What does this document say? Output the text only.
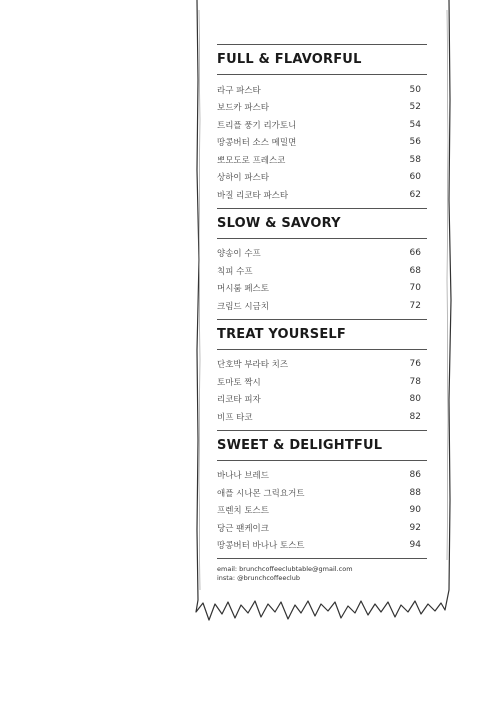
FULL & FLAVORFUL
라구 파스타	50
보드카 파스타	52
트리플 풍기 리가토니	54
땅콩버터 소스 메밀면	56
뽀모도로 프레스코	58
상하이 파스타	60
바질 리코타 파스타	62
SLOW & SAVORY
양송이 수프	66
칙피 수프	68
머시룸 페스토	70
크림드 시금치	72
TREAT YOURSELF
단호박 부라타 치즈	76
토마토 짝시	78
리코타 피자	80
비프 타코	82
SWEET & DELIGHTFUL
바나나 브레드	86
애플 시나몬 그릭요거트	88
프렌치 토스트	90
당근 팬케이크	92
땅콩버터 바나나 토스트	94
email: brunchcoffeeclubtable@gmail.com
insta: @brunchcoffeeclub
